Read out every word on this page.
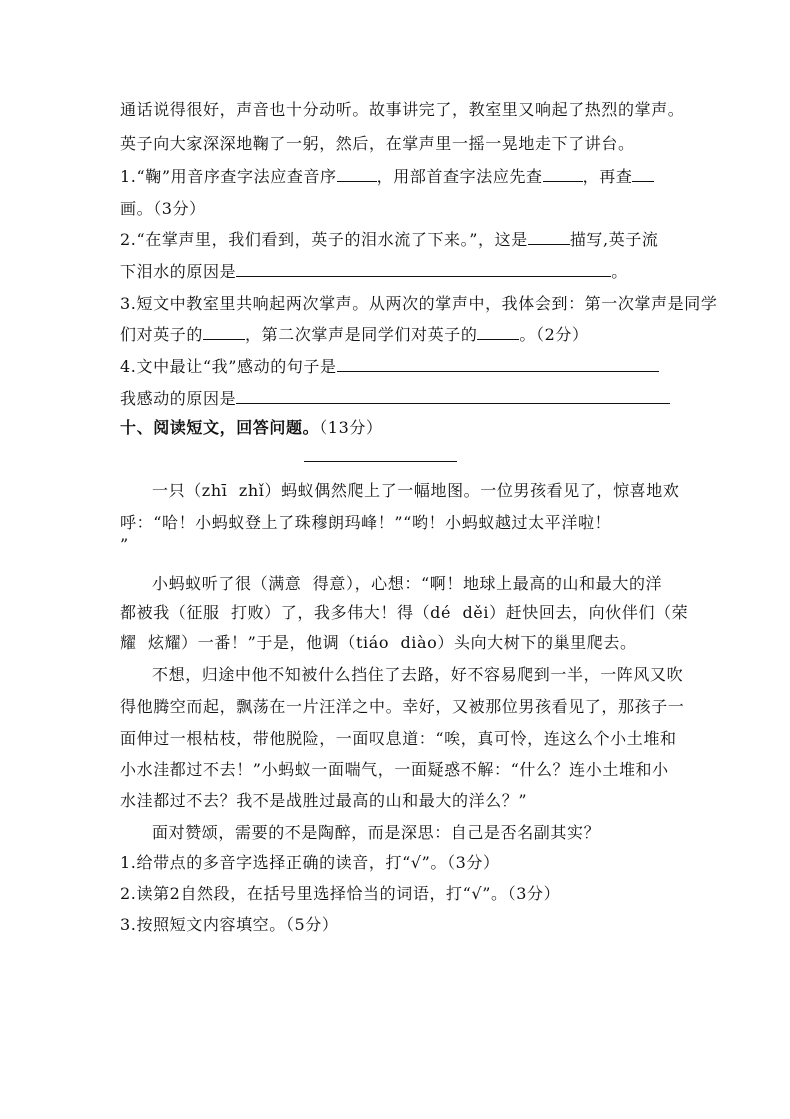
通话说得很好，声音也十分动听。故事讲完了，教室里又响起了热烈的掌声。
英子向大家深深地鞠了一躬，然后，在掌声里一摇一晃地走下了讲台。
1.“鞠”用音序查字法应查音序	，用部首查字法应先查	，再查
画。（3分）
2.“在掌声里，我们看到，英子的泪水流了下来。”，这是	描写,英子流
下泪水的原因是	。
3.短文中教室里共响起两次掌声。从两次的掌声中，我体会到：第一次掌声是同学
们对英子的	，第二次掌声是同学们对英子的	。（2分）
4.文中最让“我”感动的句子是
我感动的原因是
十、阅读短文，回答问题。（13分）
一只（zhī  zhǐ）蚂蚁偶然爬上了一幅地图。一位男孩看见了，惊喜地欢
呼：“哈！小蚂蚁登上了珠穆朗玛峰！”“哟！小蚂蚁越过太平洋啦！
”
小蚂蚁听了很（满意  得意），心想：“啊！地球上最高的山和最大的洋
都被我（征服  打败）了，我多伟大！得（dé  děi）赶快回去，向伙伴们（荣
耀  炫耀）一番！”于是，他调（tiáo  diào）头向大树下的巢里爬去。
不想，归途中他不知被什么挡住了去路，好不容易爬到一半，一阵风又吹
得他腾空而起，飘荡在一片汪洋之中。幸好，又被那位男孩看见了，那孩子一
面伸过一根枯枝，带他脱险，一面叹息道：“唉，真可怜，连这么个小土堆和
小水洼都过不去！”小蚂蚁一面喘气，一面疑惑不解：“什么？连小土堆和小
水洼都过不去？我不是战胜过最高的山和最大的洋么？”
面对赞颂，需要的不是陶醉，而是深思：自己是否名副其实？
1.给带点的多音字选择正确的读音，打“√”。（3分）
2.读第2自然段，在括号里选择恰当的词语，打“√”。（3分）
3.按照短文内容填空。（5分）
